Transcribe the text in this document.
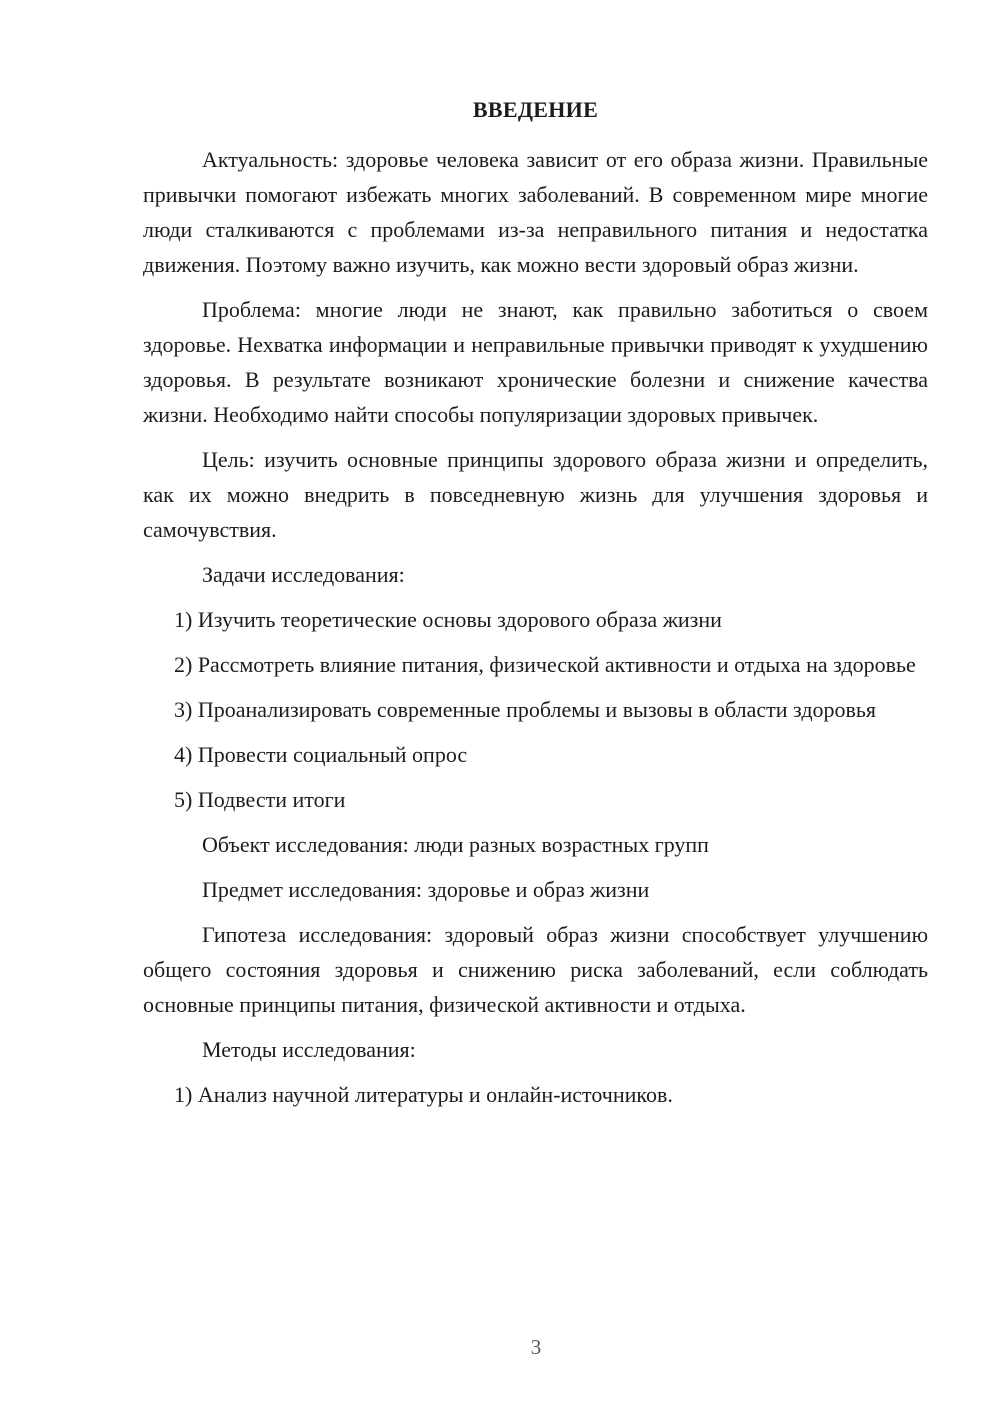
ВВЕДЕНИЕ

Актуальность: здоровье человека зависит от его образа жизни. Правильные привычки помогают избежать многих заболеваний. В современном мире многие люди сталкиваются с проблемами из-за неправильного питания и недостатка движения. Поэтому важно изучить, как можно вести здоровый образ жизни.

Проблема: многие люди не знают, как правильно заботиться о своем здоровье. Нехватка информации и неправильные привычки приводят к ухудшению здоровья. В результате возникают хронические болезни и снижение качества жизни. Необходимо найти способы популяризации здоровых привычек.

Цель: изучить основные принципы здорового образа жизни и определить, как их можно внедрить в повседневную жизнь для улучшения здоровья и самочувствия.

Задачи исследования:

1) Изучить теоретические основы здорового образа жизни

2) Рассмотреть влияние питания, физической активности и отдыха на здоровье

3) Проанализировать современные проблемы и вызовы в области здоровья

4) Провести социальный опрос

5) Подвести итоги

Объект исследования: люди разных возрастных групп

Предмет исследования: здоровье и образ жизни

Гипотеза исследования: здоровый образ жизни способствует улучшению общего состояния здоровья и снижению риска заболеваний, если соблюдать основные принципы питания, физической активности и отдыха.

Методы исследования:

1) Анализ научной литературы и онлайн-источников.

3
